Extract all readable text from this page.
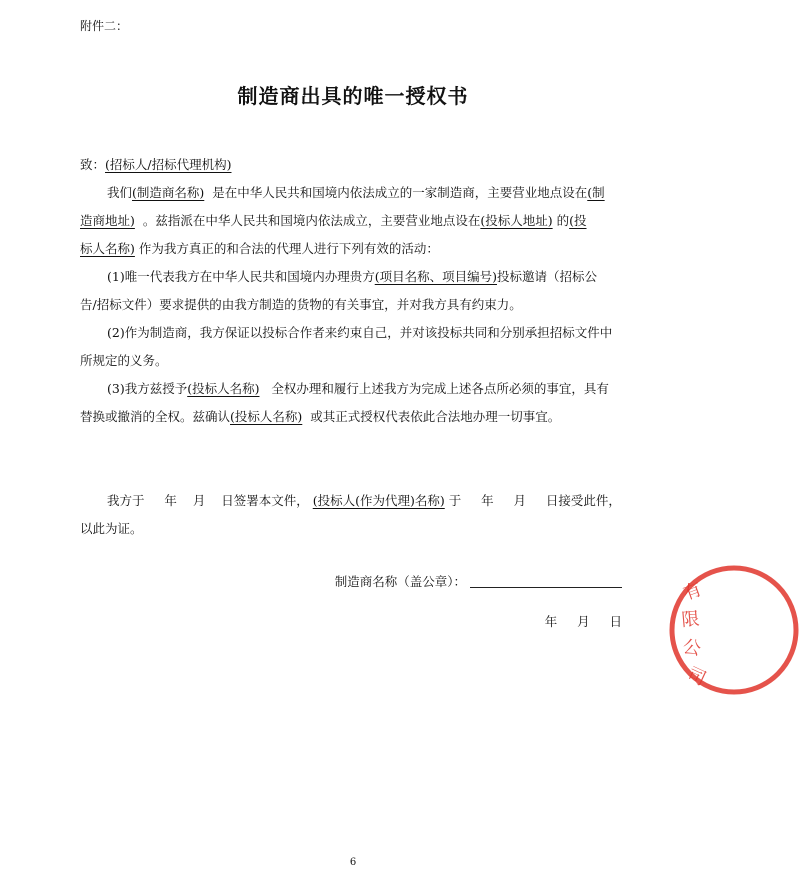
附件二：
制造商出具的唯一授权书
致：(招标人/招标代理机构)
我们(制造商名称) 是在中华人民共和国境内依法成立的一家制造商，主要营业地点设在(制
造商地址) 。兹指派在中华人民共和国境内依法成立，主要营业地点设在(投标人地址) 的(投
标人名称) 作为我方真正的和合法的代理人进行下列有效的活动：
(1)唯一代表我方在中华人民共和国境内办理贵方(项目名称、项目编号)投标邀请（招标公
告/招标文件）要求提供的由我方制造的货物的有关事宜，并对我方具有约束力。
(2)作为制造商，我方保证以投标合作者来约束自己，并对该投标共同和分别承担招标文件中
所规定的义务。
(3)我方兹授予(投标人名称) 全权办理和履行上述我方为完成上述各点所必须的事宜，具有
替换或撤消的全权。兹确认(投标人名称) 或其正式授权代表依此合法地办理一切事宜。
我方于 年 月 日签署本文件， (投标人(作为代理)名称) 于 年 月 日接受此件，
以此为证。
制造商名称（盖公章）：
年 月 日
有
限
公
司
6
